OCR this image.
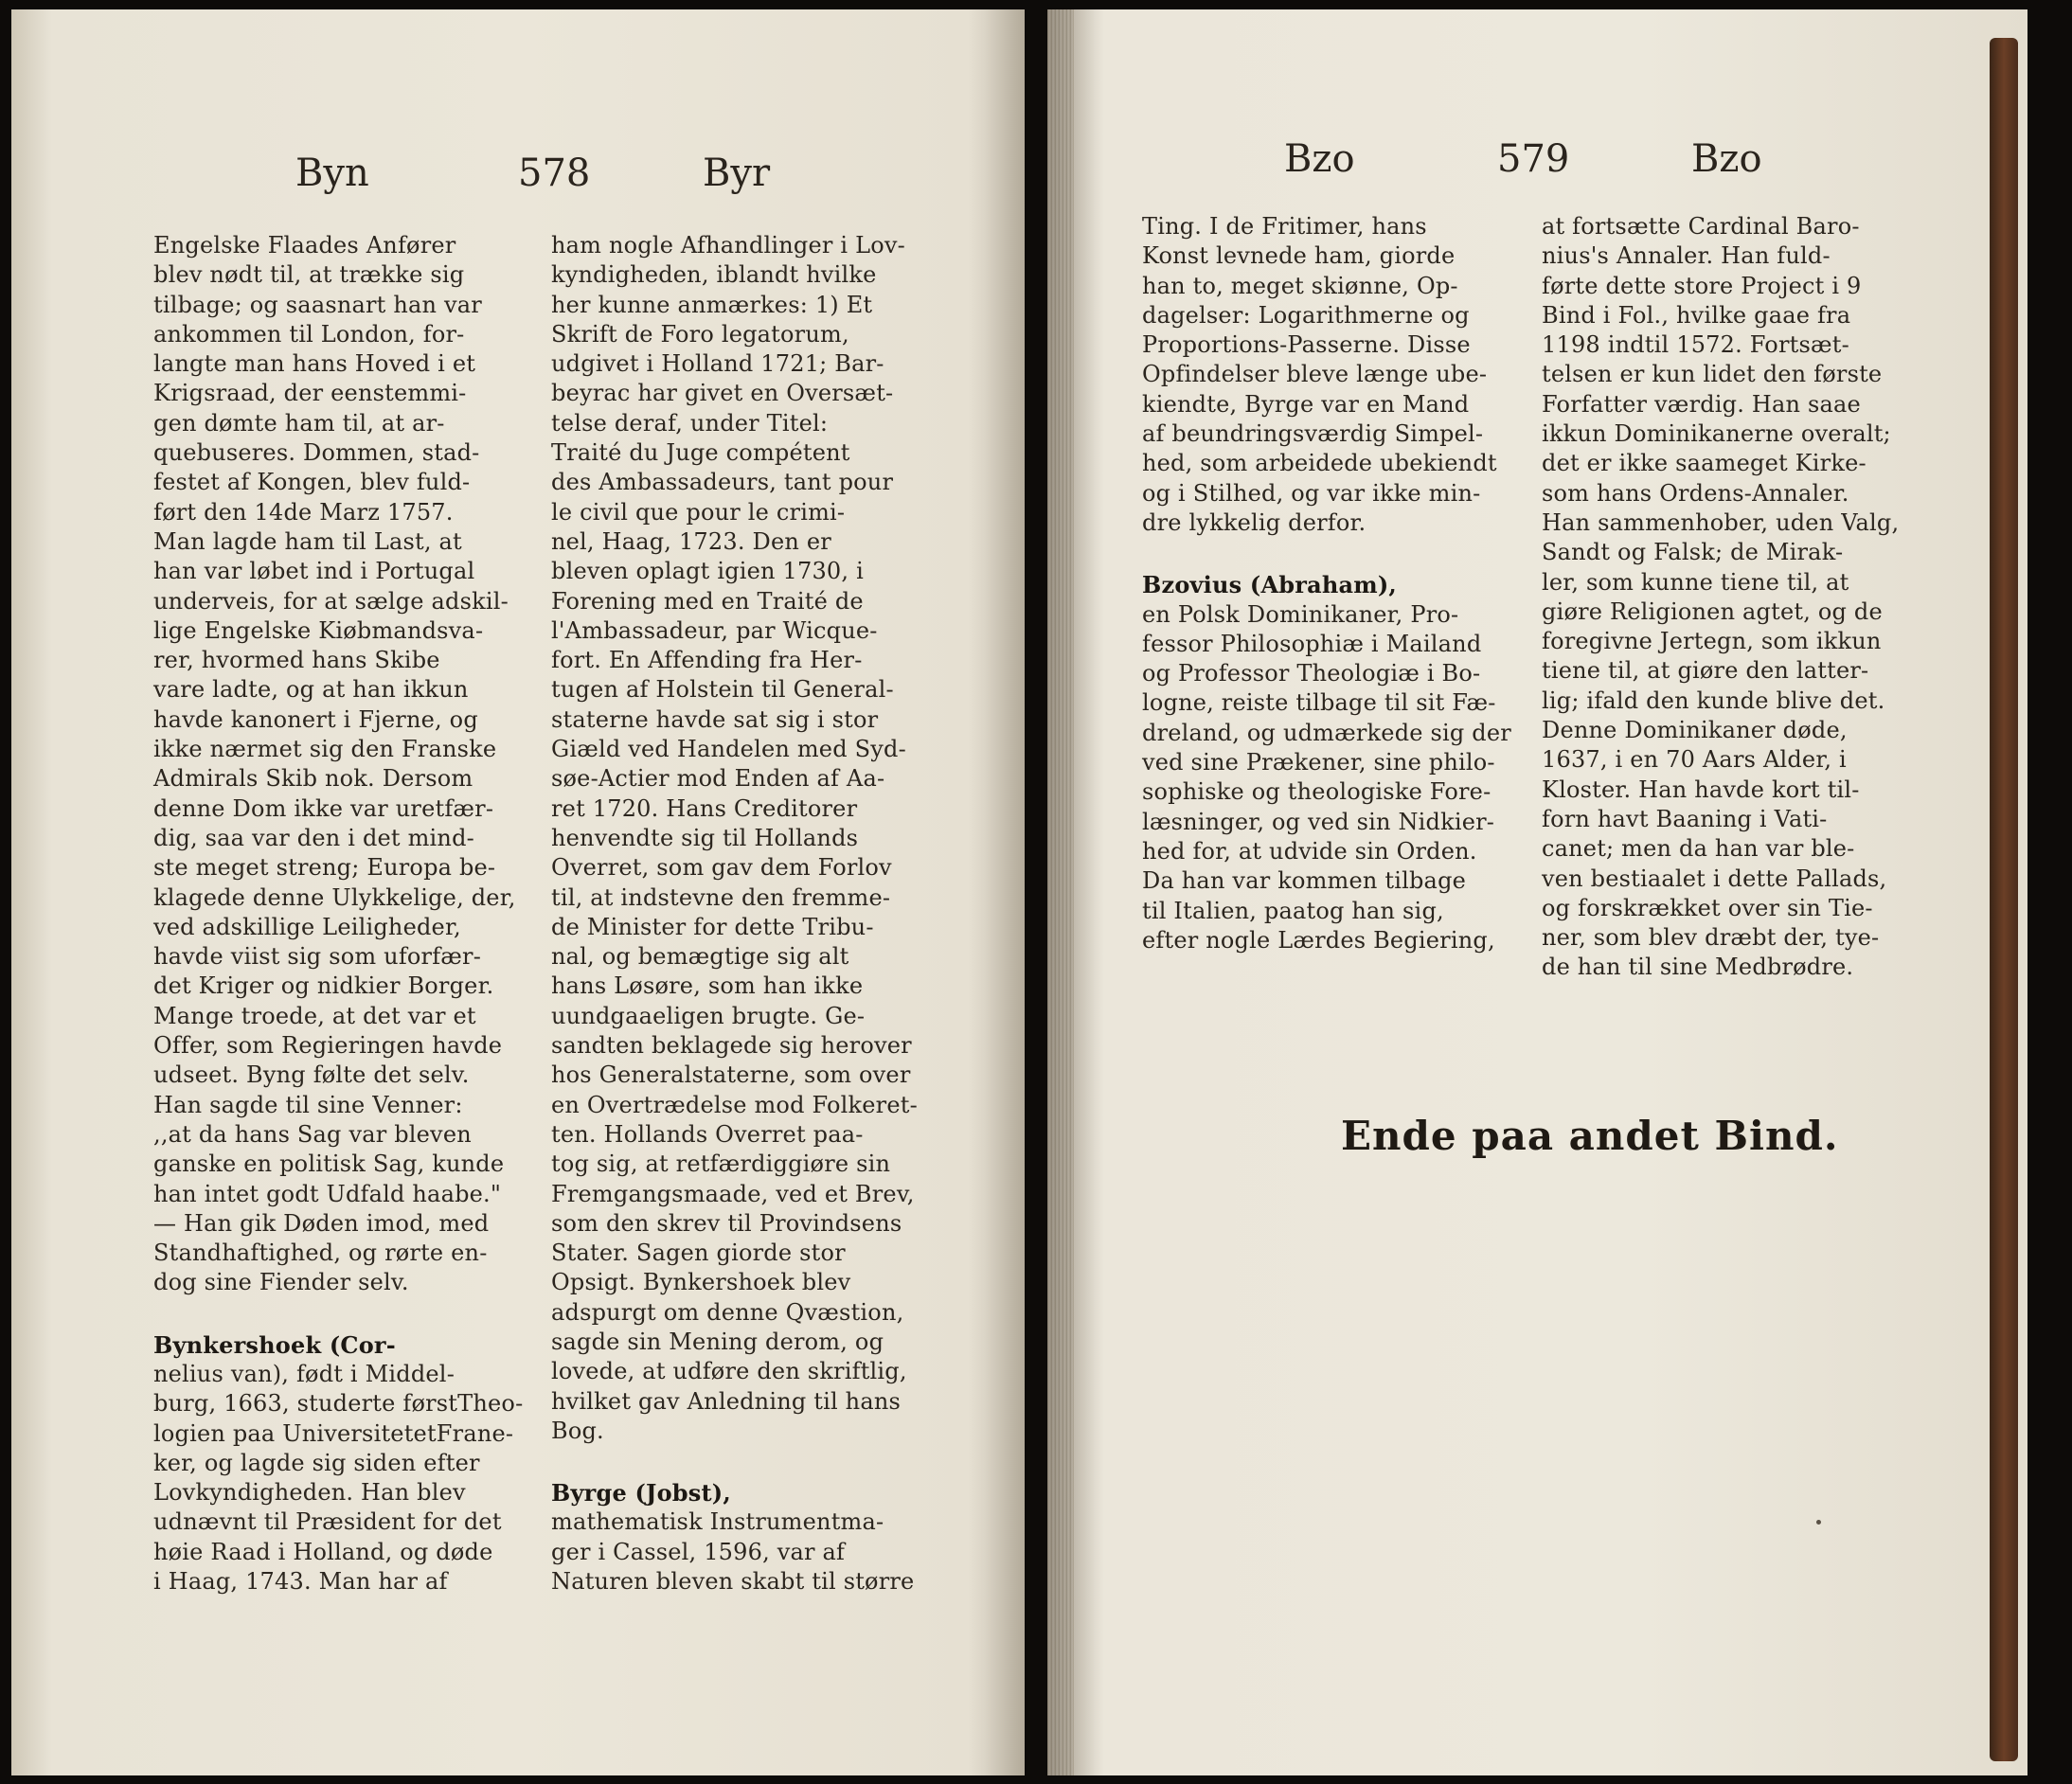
Byn	578	Byr
Engelske Flaades Anfører
blev nødt til, at trække sig
tilbage; og saasnart han var
ankommen til London, for-
langte man hans Hoved i et
Krigsraad, der eenstemmi-
gen dømte ham til, at ar-
quebuseres. Dommen, stad-
festet af Kongen, blev fuld-
ført den 14de Marz 1757.
Man lagde ham til Last, at
han var løbet ind i Portugal
underveis, for at sælge adskil-
lige Engelske Kiøbmandsva-
rer, hvormed hans Skibe
vare ladte, og at han ikkun
havde kanonert i Fjerne, og
ikke nærmet sig den Franske
Admirals Skib nok. Dersom
denne Dom ikke var uretfær-
dig, saa var den i det mind-
ste meget streng; Europa be-
klagede denne Ulykkelige, der,
ved adskillige Leiligheder,
havde viist sig som uforfær-
det Kriger og nidkier Borger.
Mange troede, at det var et
Offer, som Regieringen havde
udseet. Byng følte det selv.
Han sagde til sine Venner:
,,at da hans Sag var bleven
ganske en politisk Sag, kunde
han intet godt Udfald haabe."
— Han gik Døden imod, med
Standhaftighed, og rørte en-
dog sine Fiender selv.
Bynkershoek (Cor-
nelius van), født i Middel-
burg, 1663, studerte førstTheo-
logien paa UniversitetetFrane-
ker, og lagde sig siden efter
Lovkyndigheden. Han blev
udnævnt til Præsident for det
høie Raad i Holland, og døde
i Haag, 1743. Man har af
ham nogle Afhandlinger i Lov-
kyndigheden, iblandt hvilke
her kunne anmærkes: 1) Et
Skrift de Foro legatorum,
udgivet i Holland 1721; Bar-
beyrac har givet en Oversæt-
telse deraf, under Titel:
Traité du Juge compétent
des Ambassadeurs, tant pour
le civil que pour le crimi-
nel, Haag, 1723. Den er
bleven oplagt igien 1730, i
Forening med en Traité de
l'Ambassadeur, par Wicque-
fort. En Affending fra Her-
tugen af Holstein til General-
staterne havde sat sig i stor
Giæld ved Handelen med Syd-
søe-Actier mod Enden af Aa-
ret 1720. Hans Creditorer
henvendte sig til Hollands
Overret, som gav dem Forlov
til, at indstevne den fremme-
de Minister for dette Tribu-
nal, og bemægtige sig alt
hans Løsøre, som han ikke
uundgaaeligen brugte. Ge-
sandten beklagede sig herover
hos Generalstaterne, som over
en Overtrædelse mod Folkeret-
ten. Hollands Overret paa-
tog sig, at retfærdiggiøre sin
Fremgangsmaade, ved et Brev,
som den skrev til Provindsens
Stater. Sagen giorde stor
Opsigt. Bynkershoek blev
adspurgt om denne Qvæstion,
sagde sin Mening derom, og
lovede, at udføre den skriftlig,
hvilket gav Anledning til hans
Bog.
Byrge (Jobst),
mathematisk Instrumentma-
ger i Cassel, 1596, var af
Naturen bleven skabt til større
Bzo	579	Bzo
Ting. I de Fritimer, hans
Konst levnede ham, giorde
han to, meget skiønne, Op-
dagelser: Logarithmerne og
Proportions-Passerne. Disse
Opfindelser bleve længe ube-
kiendte, Byrge var en Mand
af beundringsværdig Simpel-
hed, som arbeidede ubekiendt
og i Stilhed, og var ikke min-
dre lykkelig derfor.
Bzovius (Abraham),
en Polsk Dominikaner, Pro-
fessor Philosophiæ i Mailand
og Professor Theologiæ i Bo-
logne, reiste tilbage til sit Fæ-
dreland, og udmærkede sig der
ved sine Prækener, sine philo-
sophiske og theologiske Fore-
læsninger, og ved sin Nidkier-
hed for, at udvide sin Orden.
Da han var kommen tilbage
til Italien, paatog han sig,
efter nogle Lærdes Begiering,
at fortsætte Cardinal Baro-
nius's Annaler. Han fuld-
førte dette store Project i 9
Bind i Fol., hvilke gaae fra
1198 indtil 1572. Fortsæt-
telsen er kun lidet den første
Forfatter værdig. Han saae
ikkun Dominikanerne overalt;
det er ikke saameget Kirke-
som hans Ordens-Annaler.
Han sammenhober, uden Valg,
Sandt og Falsk; de Mirak-
ler, som kunne tiene til, at
giøre Religionen agtet, og de
foregivne Jertegn, som ikkun
tiene til, at giøre den latter-
lig; ifald den kunde blive det.
Denne Dominikaner døde,
1637, i en 70 Aars Alder, i
Kloster. Han havde kort til-
forn havt Baaning i Vati-
canet; men da han var ble-
ven bestiaalet i dette Pallads,
og forskrækket over sin Tie-
ner, som blev dræbt der, tye-
de han til sine Medbrødre.
Ende paa andet Bind.
